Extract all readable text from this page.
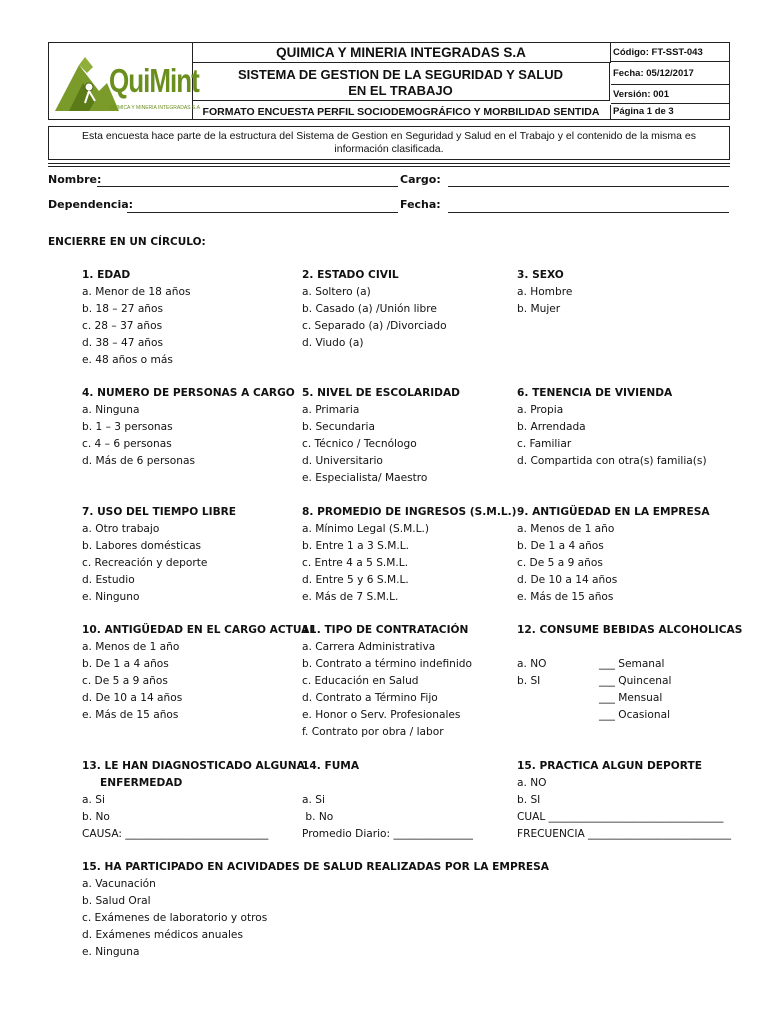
QuiMint
QUIMICA Y MINERIA INTEGRADAS S.A
QUIMICA Y MINERIA INTEGRADAS S.A
SISTEMA DE GESTION DE LA SEGURIDAD Y SALUD
EN EL TRABAJO
FORMATO ENCUESTA PERFIL SOCIODEMOGRÁFICO Y MORBILIDAD SENTIDA
Código: FT-SST-043
Fecha: 05/12/2017
Versión: 001
Página 1 de 3
Esta encuesta hace parte de la estructura del Sistema de Gestion en Seguridad y Salud en el Trabajo y el contenido de la misma es información clasificada.
Nombre:	Cargo:
Dependencia:	Fecha:
ENCIERRE EN UN CÍRCULO:
1. EDAD
a. Menor de 18 años
b. 18 – 27 años
c. 28 – 37 años
d. 38 – 47 años
e. 48 años o más
2. ESTADO CIVIL
a. Soltero (a)
b. Casado (a) /Unión libre
c. Separado (a) /Divorciado
d. Viudo (a)
3. SEXO
a. Hombre
b. Mujer
4. NUMERO DE PERSONAS A CARGO
a. Ninguna
b. 1 – 3 personas
c. 4 – 6 personas
d. Más de 6 personas
5. NIVEL DE ESCOLARIDAD
a. Primaria
b. Secundaria
c. Técnico / Tecnólogo
d. Universitario
e. Especialista/ Maestro
6. TENENCIA DE VIVIENDA
a. Propia
b. Arrendada
c. Familiar
d. Compartida con otra(s) familia(s)
7. USO DEL TIEMPO LIBRE
a. Otro trabajo
b. Labores domésticas
c. Recreación y deporte
d. Estudio
e. Ninguno
8. PROMEDIO DE INGRESOS (S.M.L.)
a. Mínimo Legal (S.M.L.)
b. Entre 1 a 3 S.M.L.
c. Entre 4 a 5 S.M.L.
d. Entre 5 y 6 S.M.L.
e. Más de 7 S.M.L.
9. ANTIGÜEDAD EN LA EMPRESA
a. Menos de 1 año
b. De 1 a 4 años
c. De 5 a 9 años
d. De 10 a 14 años
e. Más de 15 años
10. ANTIGÜEDAD EN EL CARGO ACTUAL
a. Menos de 1 año
b. De 1 a 4 años
c. De 5 a 9 años
d. De 10 a 14 años
e. Más de 15 años
11. TIPO DE CONTRATACIÓN
a. Carrera Administrativa
b. Contrato a término indefinido
c. Educación en Salud
d. Contrato a Término Fijo
e. Honor o Serv. Profesionales
f. Contrato por obra / labor
12. CONSUME BEBIDAS ALCOHOLICAS

a. NO
b. SI
___ Semanal
___ Quincenal
___ Mensual
___ Ocasional
13. LE HAN DIAGNOSTICADO ALGUNA
ENFERMEDAD
a. Si
b. No
CAUSA: ___________________________
14. FUMA

a. Si
b. No
Promedio Diario: _______________
15. PRACTICA ALGUN DEPORTE
a. NO
b. SI
CUAL _________________________________
FRECUENCIA ___________________________
15. HA PARTICIPADO EN ACIVIDADES DE SALUD REALIZADAS POR LA EMPRESA
a. Vacunación
b. Salud Oral
c. Exámenes de laboratorio y otros
d. Exámenes médicos anuales
e. Ninguna
